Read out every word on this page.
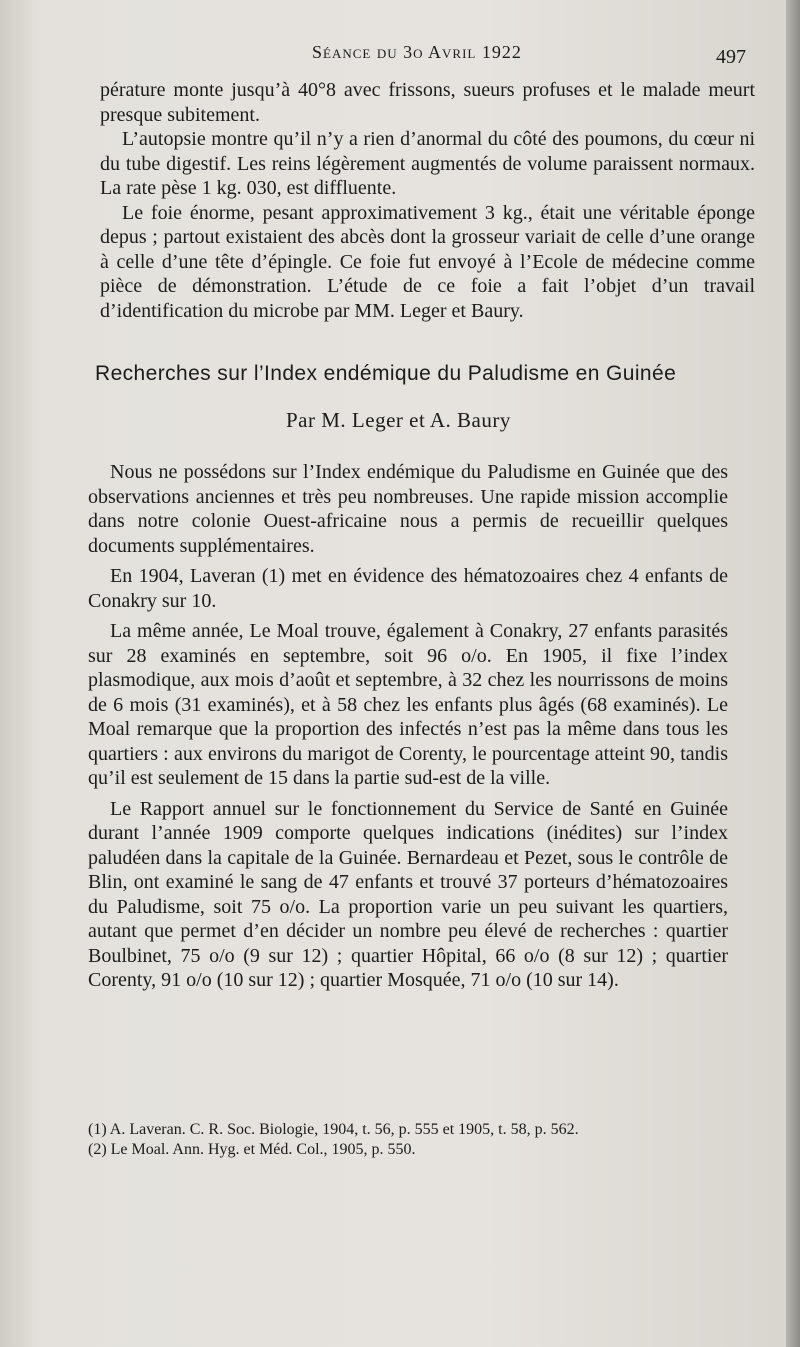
Séance du 3o Avril 1922	497

pérature monte jusqu’à 40°8 avec frissons, sueurs profuses et le malade meurt presque subitement.

L’autopsie montre qu’il n’y a rien d’anormal du côté des poumons, du cœur ni du tube digestif. Les reins légèrement augmentés de volume paraissent normaux. La rate pèse 1 kg. 030, est diffluente.

Le foie énorme, pesant approximativement 3 kg., était une véritable éponge depus ; partout existaient des abcès dont la grosseur variait de celle d’une orange à celle d’une tête d’épingle. Ce foie fut envoyé à l’Ecole de médecine comme pièce de démonstration. L’étude de ce foie a fait l’objet d’un travail d’identification du microbe par MM. Leger et Baury.

Recherches sur l’Index endémique du Paludisme en Guinée
Par M. Leger et A. Baury

Nous ne possédons sur l’Index endémique du Paludisme en Guinée que des observations anciennes et très peu nombreuses. Une rapide mission accomplie dans notre colonie Ouest-africaine nous a permis de recueillir quelques documents supplémentaires.

En 1904, Laveran (1) met en évidence des hématozoaires chez 4 enfants de Conakry sur 10.

La même année, Le Moal trouve, également à Conakry, 27 enfants parasités sur 28 examinés en septembre, soit 96 o/o. En 1905, il fixe l’index plasmodique, aux mois d’août et septembre, à 32 chez les nourrissons de moins de 6 mois (31 examinés), et à 58 chez les enfants plus âgés (68 examinés). Le Moal remarque que la proportion des infectés n’est pas la même dans tous les quartiers : aux environs du marigot de Corenty, le pourcentage atteint 90, tandis qu’il est seulement de 15 dans la partie sud-est de la ville.

Le Rapport annuel sur le fonctionnement du Service de Santé en Guinée durant l’année 1909 comporte quelques indications (inédites) sur l’index paludéen dans la capitale de la Guinée. Bernardeau et Pezet, sous le contrôle de Blin, ont examiné le sang de 47 enfants et trouvé 37 porteurs d’hématozoaires du Paludisme, soit 75 o/o. La proportion varie un peu suivant les quartiers, autant que permet d’en décider un nombre peu élevé de recherches : quartier Boulbinet, 75 o/o (9 sur 12) ; quartier Hôpital, 66 o/o (8 sur 12) ; quartier Corenty, 91 o/o (10 sur 12) ; quartier Mosquée, 71 o/o (10 sur 14).

(1) A. Laveran. C. R. Soc. Biologie, 1904, t. 56, p. 555 et 1905, t. 58, p. 562.
(2) Le Moal. Ann. Hyg. et Méd. Col., 1905, p. 550.
